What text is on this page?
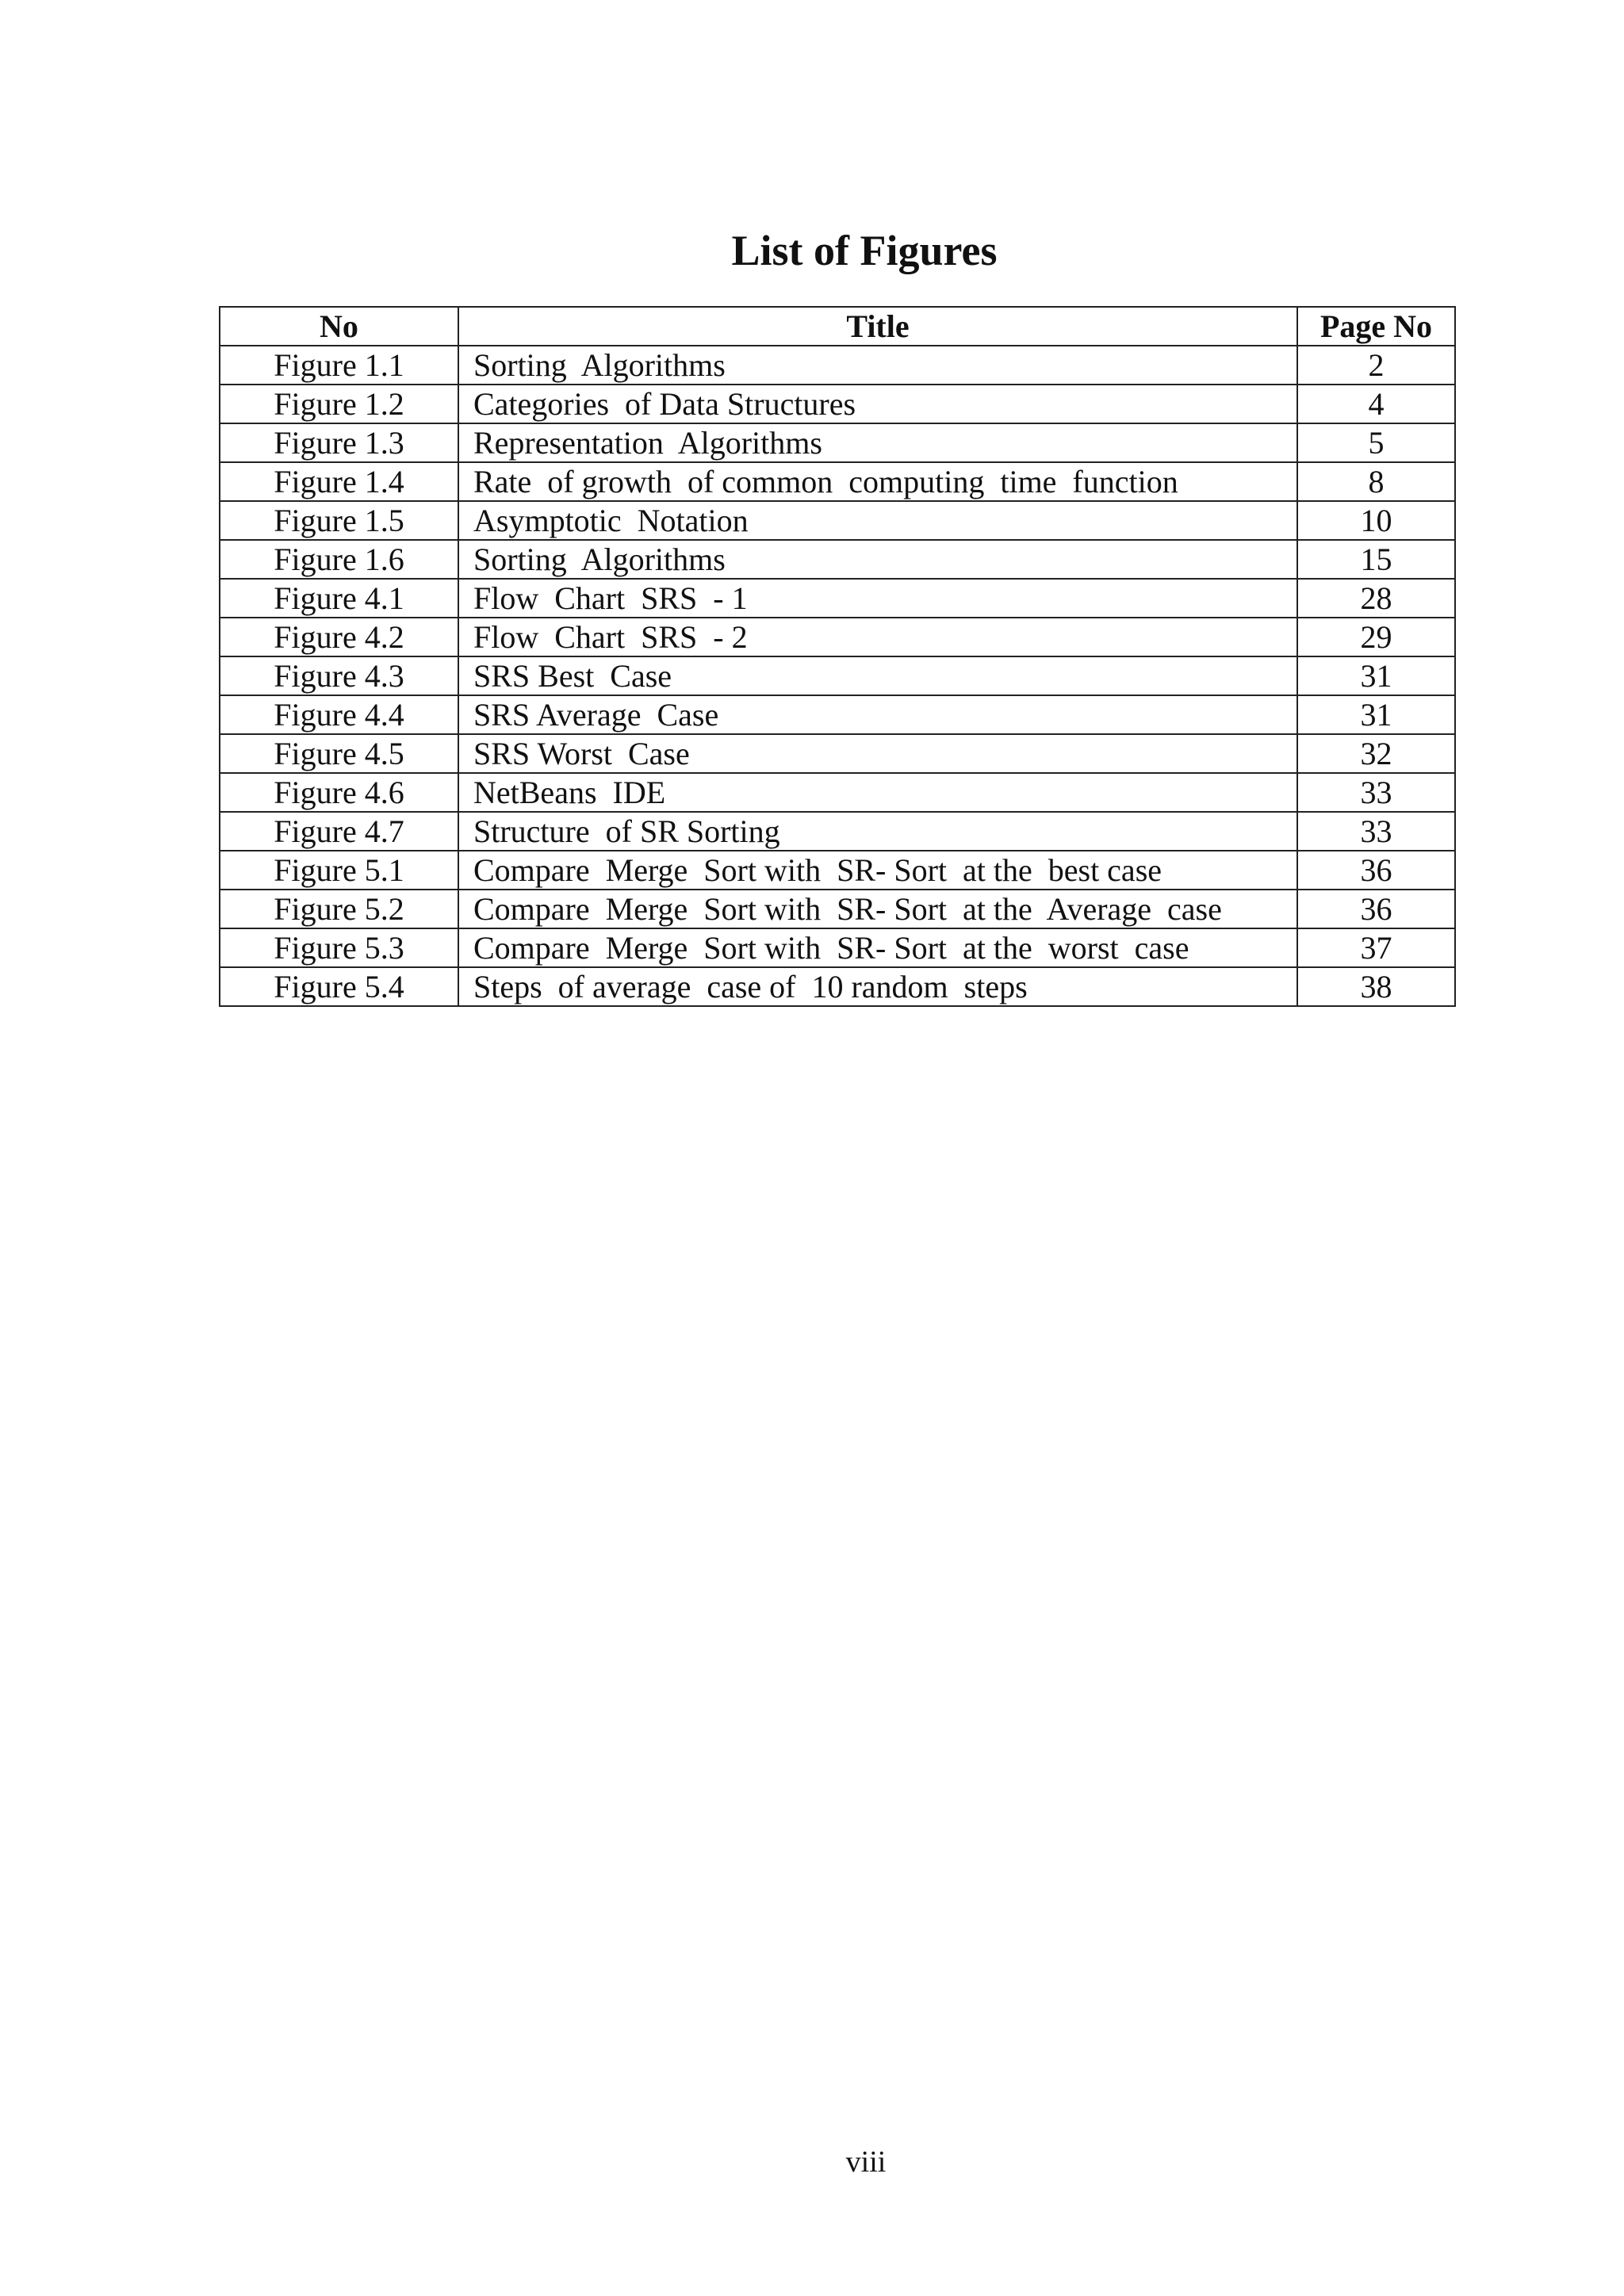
List of Figures
No	Title	Page No
Figure 1.1	Sorting  Algorithms	2
Figure 1.2	Categories  of Data Structures	4
Figure 1.3	Representation  Algorithms	5
Figure 1.4	Rate  of growth  of common  computing  time  function	8
Figure 1.5	Asymptotic  Notation	10
Figure 1.6	Sorting  Algorithms	15
Figure 4.1	Flow  Chart  SRS  - 1	28
Figure 4.2	Flow  Chart  SRS  - 2	29
Figure 4.3	SRS Best  Case	31
Figure 4.4	SRS Average  Case	31
Figure 4.5	SRS Worst  Case	32
Figure 4.6	NetBeans  IDE	33
Figure 4.7	Structure  of SR Sorting	33
Figure 5.1	Compare  Merge  Sort with  SR- Sort  at the  best case	36
Figure 5.2	Compare  Merge  Sort with  SR- Sort  at the  Average  case	36
Figure 5.3	Compare  Merge  Sort with  SR- Sort  at the  worst  case	37
Figure 5.4	Steps  of average  case of  10 random  steps	38
viii
